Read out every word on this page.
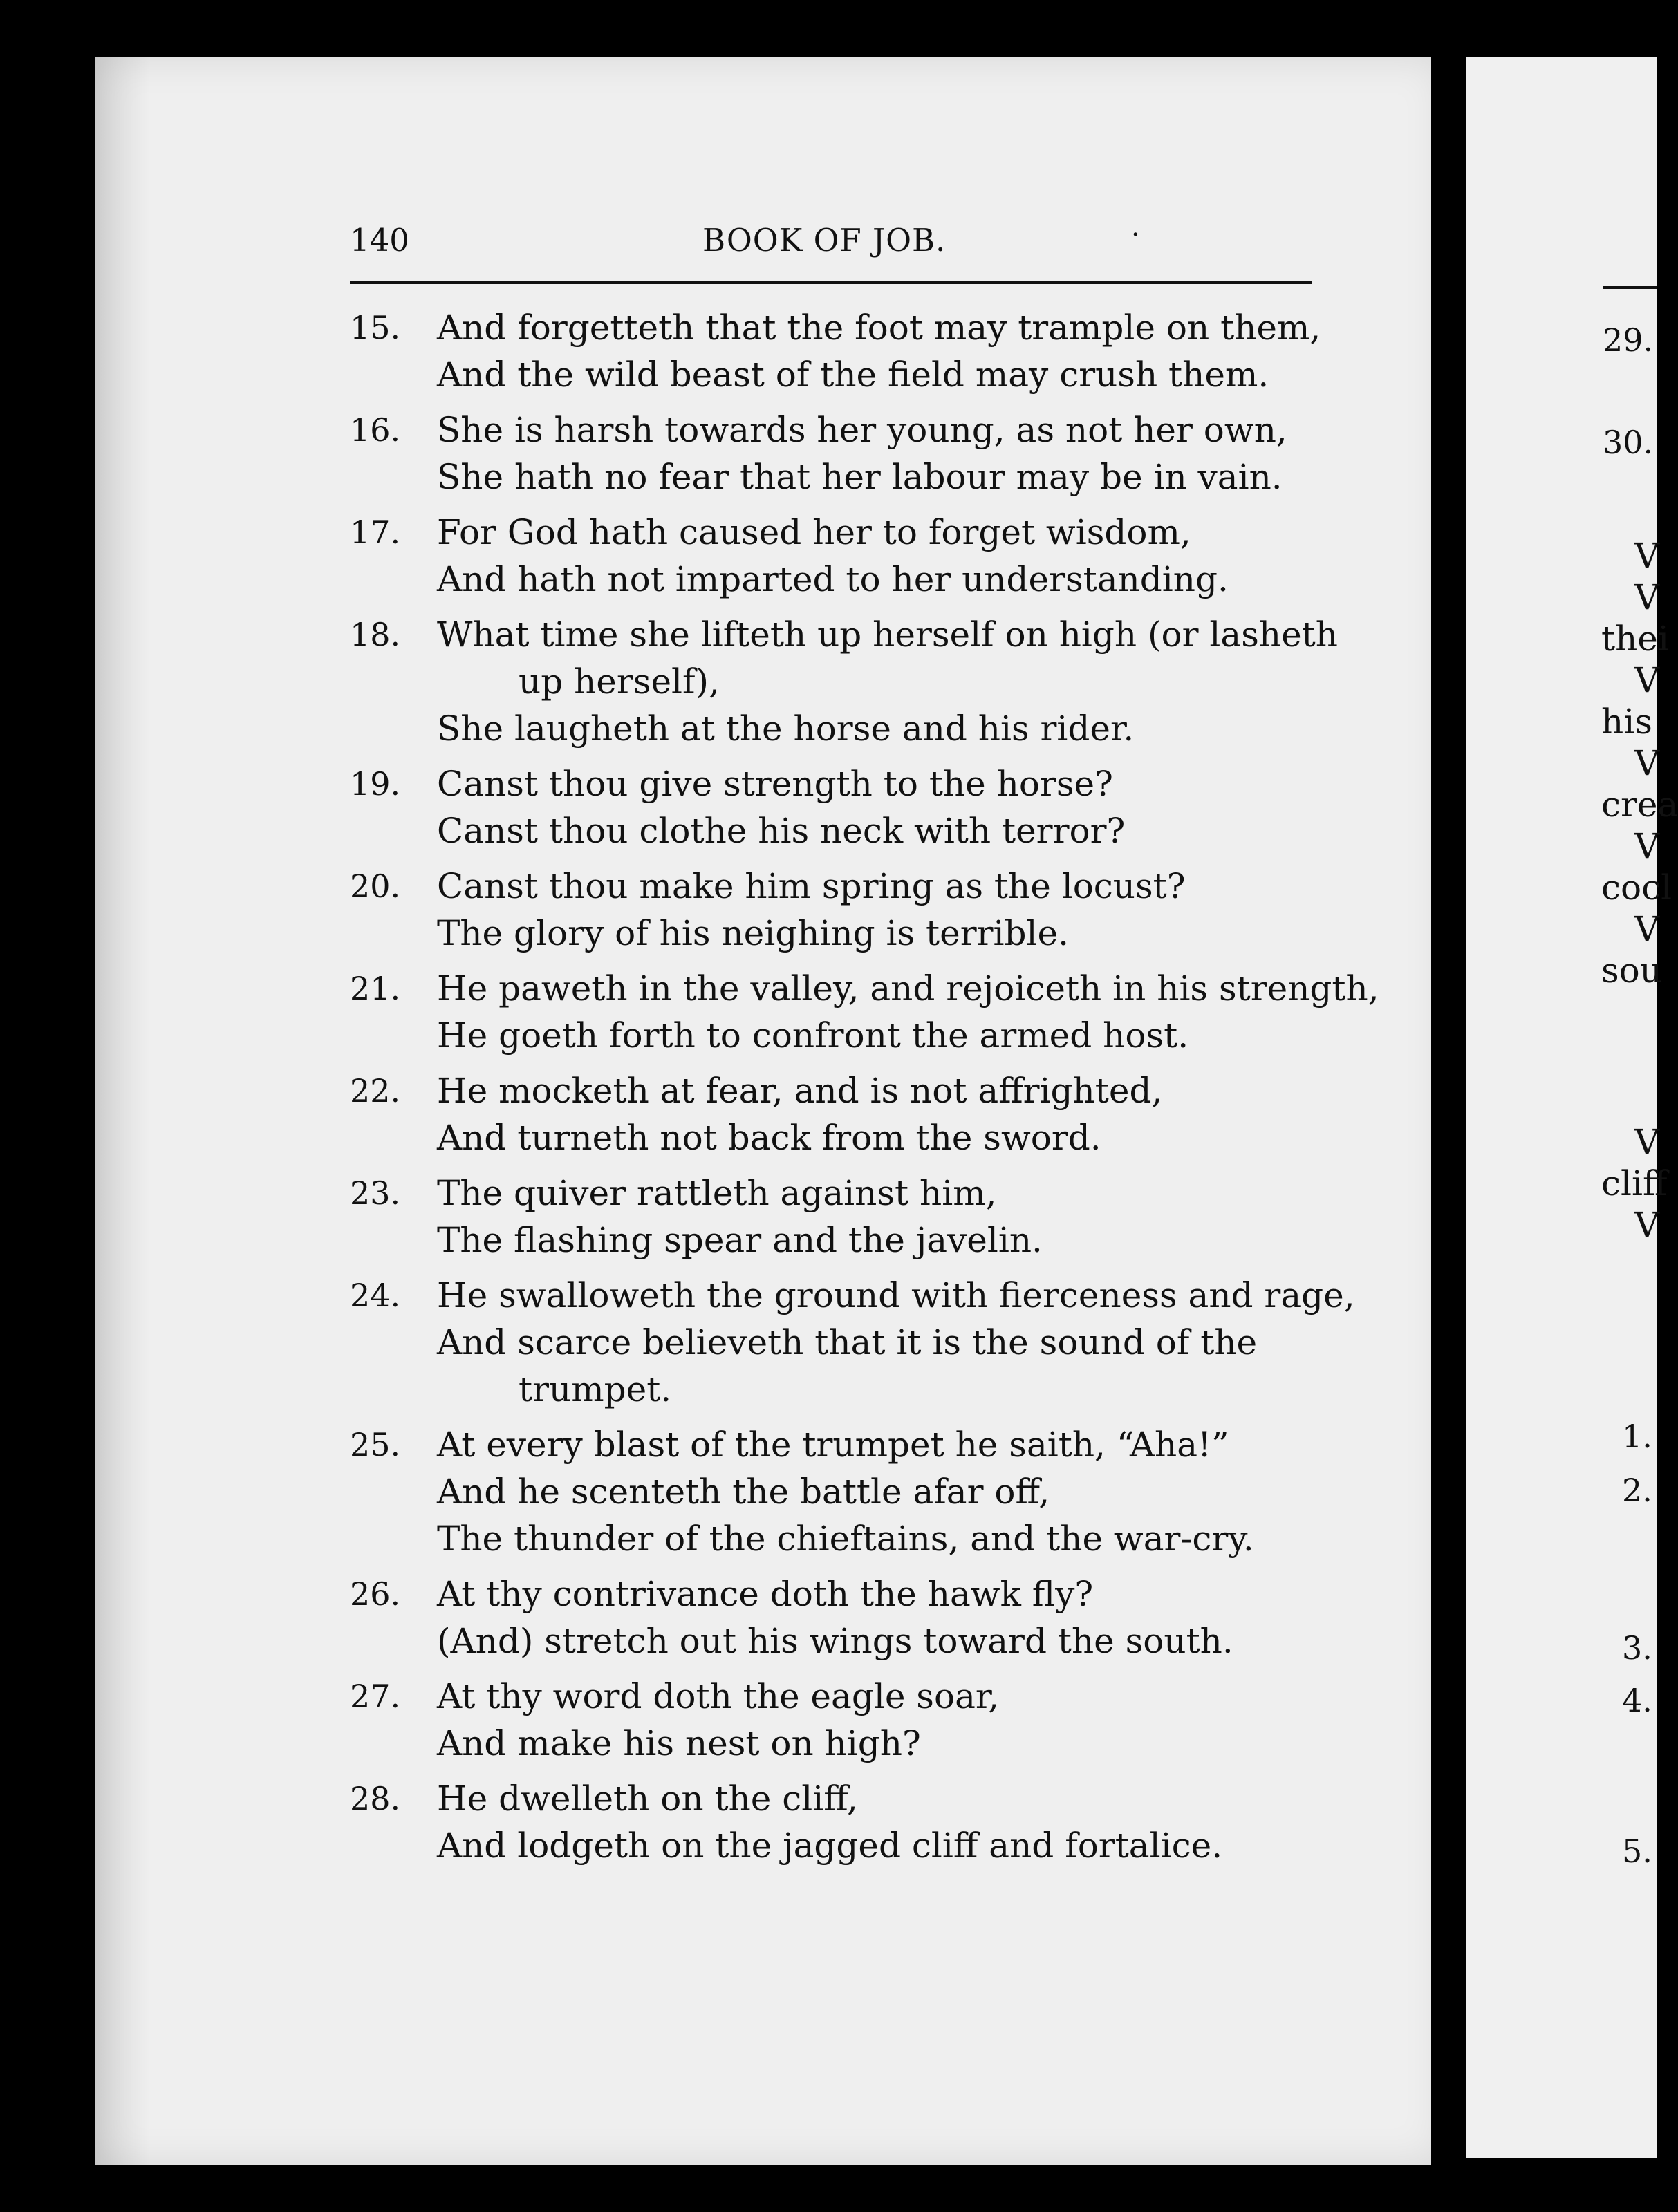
140	BOOK OF JOB.	·
15.	And forgetteth that the foot may trample on them,
And the wild beast of the field may crush them.
16.	She is harsh towards her young, as not her own,
She hath no fear that her labour may be in vain.
17.	For God hath caused her to forget wisdom,
And hath not imparted to her understanding.
18.	What time she lifteth up herself on high (or lasheth
up herself),
She laugheth at the horse and his rider.
19.	Canst thou give strength to the horse?
Canst thou clothe his neck with terror?
20.	Canst thou make him spring as the locust?
The glory of his neighing is terrible.
21.	He paweth in the valley, and rejoiceth in his strength,
He goeth forth to confront the armed host.
22.	He mocketh at fear, and is not affrighted,
And turneth not back from the sword.
23.	The quiver rattleth against him,
The flashing spear and the javelin.
24.	He swalloweth the ground with fierceness and rage,
And scarce believeth that it is the sound of the
trumpet.
25.	At every blast of the trumpet he saith, “Aha!”
And he scenteth the battle afar off,
The thunder of the chieftains, and the war-cry.
26.	At thy contrivance doth the hawk fly?
(And) stretch out his wings toward the south.
27.	At thy word doth the eagle soar,
And make his nest on high?
28.	He dwelleth on the cliff,
And lodgeth on the jagged cliff and fortalice.
29.
30.
V
V
thei
V
his
V
crea
V
cocl
V
sou
V
cliff
V
1.
2.
3.
4.
5.
